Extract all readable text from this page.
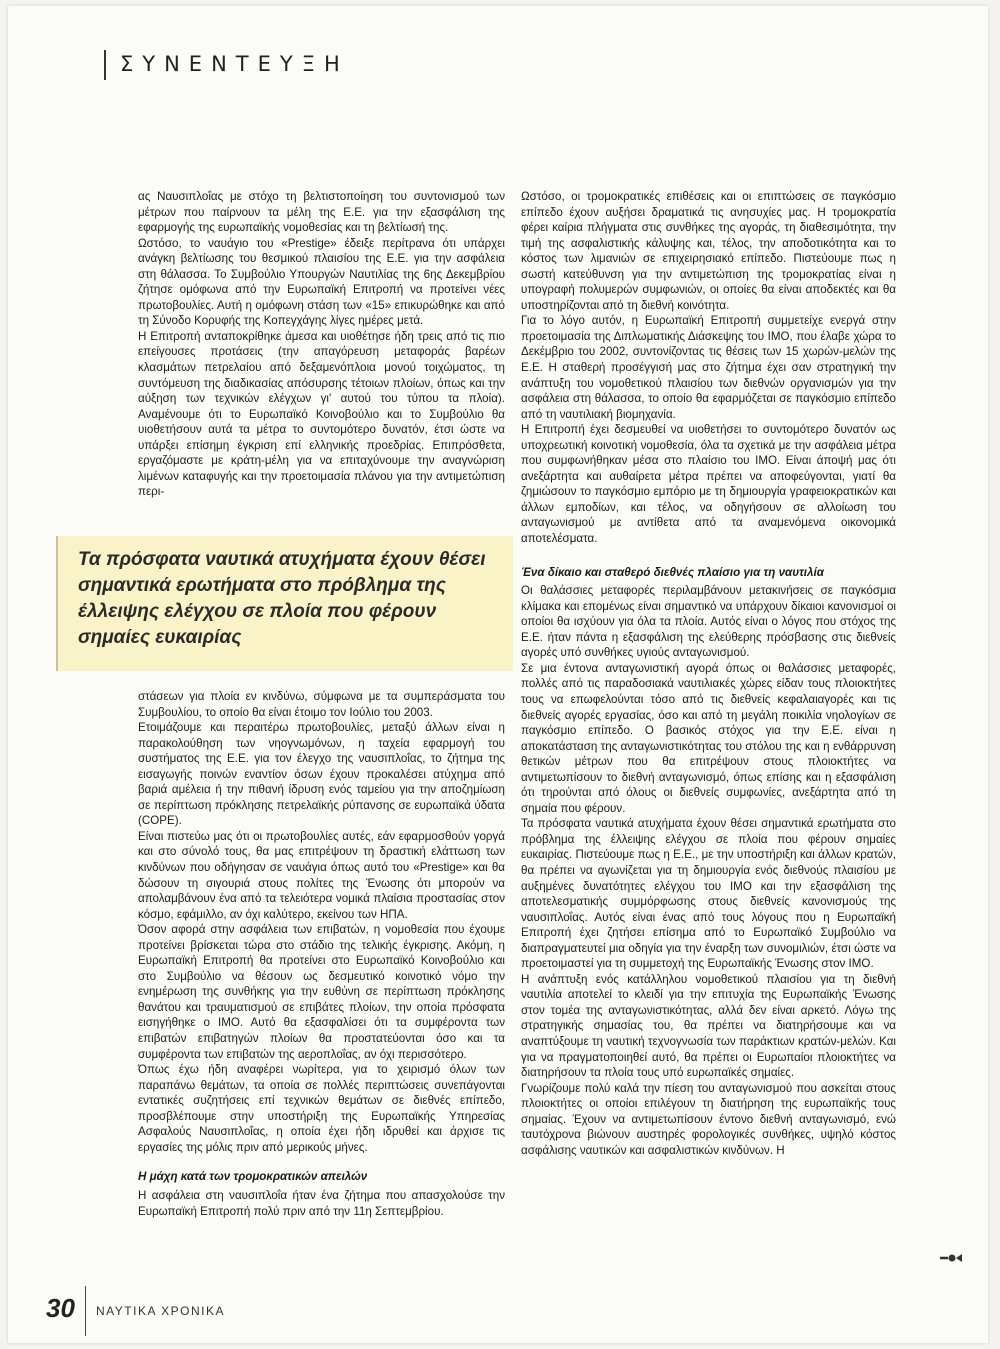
ΣΥΝΕΝΤΕΥΞΗ

ας Ναυσιπλοΐας με στόχο τη βελτιστοποίηση του συντονισμού των μέτρων που παίρνουν τα μέλη της Ε.Ε. για την εξασφάλιση της εφαρμογής της ευρωπαϊκής νομοθεσίας και τη βελτίωσή της.

Ωστόσο, το ναυάγιο του «Prestige» έδειξε περίτρανα ότι υπάρχει ανάγκη βελτίωσης του θεσμικού πλαισίου της Ε.Ε. για την ασφάλεια στη θάλασσα. Το Συμβούλιο Υπουργών Ναυτιλίας της 6ης Δεκεμβρίου ζήτησε ομόφωνα από την Ευρωπαϊκή Επιτροπή να προτείνει νέες πρωτοβουλίες. Αυτή η ομόφωνη στάση των «15» επικυρώθηκε και από τη Σύνοδο Κορυφής της Κοπεγχάγης λίγες ημέρες μετά.

Η Επιτροπή ανταποκρίθηκε άμεσα και υιοθέτησε ήδη τρεις από τις πιο επείγουσες προτάσεις (την απαγόρευση μεταφοράς βαρέων κλασμάτων πετρελαίου από δεξαμενόπλοια μονού τοιχώματος, τη συντόμευση της διαδικασίας απόσυρσης τέτοιων πλοίων, όπως και την αύξηση των τεχνικών ελέγχων γι' αυτού του τύπου τα πλοία). Αναμένουμε ότι το Ευρωπαϊκό Κοινοβούλιο και το Συμβούλιο θα υιοθετήσουν αυτά τα μέτρα το συντομότερο δυνατόν, έτσι ώστε να υπάρξει επίσημη έγκριση επί ελληνικής προεδρίας. Επιπρόσθετα, εργαζόμαστε με κράτη-μέλη για να επιταχύνουμε την αναγνώριση λιμένων καταφυγής και την προετοιμασία πλάνου για την αντιμετώπιση περι-

Τα πρόσφατα ναυτικά ατυχήματα έχουν θέσει σημαντικά ερωτήματα στο πρόβλημα της έλλειψης ελέγχου σε πλοία που φέρουν σημαίες ευκαιρίας

στάσεων για πλοία εν κινδύνω, σύμφωνα με τα συμπεράσματα του Συμβουλίου, το οποίο θα είναι έτοιμο τον Ιούλιο του 2003.

Ετοιμάζουμε και περαιτέρω πρωτοβουλίες, μεταξύ άλλων είναι η παρακολούθηση των νηογνωμόνων, η ταχεία εφαρμογή του συστήματος της Ε.Ε. για τον έλεγχο της ναυσιπλοΐας, το ζήτημα της εισαγωγής ποινών εναντίον όσων έχουν προκαλέσει ατύχημα από βαριά αμέλεια ή την πιθανή ίδρυση ενός ταμείου για την αποζημίωση σε περίπτωση πρόκλησης πετρελαϊκής ρύπανσης σε ευρωπαϊκά ύδατα (COPE).

Είναι πιστεύω μας ότι οι πρωτοβουλίες αυτές, εάν εφαρμοσθούν γοργά και στο σύνολό τους, θα μας επιτρέψουν τη δραστική ελάττωση των κινδύνων που οδήγησαν σε ναυάγια όπως αυτό του «Prestige» και θα δώσουν τη σιγουριά στους πολίτες της Ένωσης ότι μπορούν να απολαμβάνουν ένα από τα τελειότερα νομικά πλαίσια προστασίας στον κόσμο, εφάμιλλο, αν όχι καλύτερο, εκείνου των ΗΠΑ.

Όσον αφορά στην ασφάλεια των επιβατών, η νομοθεσία που έχουμε προτείνει βρίσκεται τώρα στο στάδιο της τελικής έγκρισης. Ακόμη, η Ευρωπαϊκή Επιτροπή θα προτείνει στο Ευρωπαϊκό Κοινοβούλιο και στο Συμβούλιο να θέσουν ως δεσμευτικό κοινοτικό νόμο την ενημέρωση της συνθήκης για την ευθύνη σε περίπτωση πρόκλησης θανάτου και τραυματισμού σε επιβάτες πλοίων, την οποία πρόσφατα εισηγήθηκε ο ΙΜΟ. Αυτό θα εξασφαλίσει ότι τα συμφέροντα των επιβατών επιβατηγών πλοίων θα προστατεύονται όσο και τα συμφέροντα των επιβατών της αεροπλοΐας, αν όχι περισσότερο.

Όπως έχω ήδη αναφέρει νωρίτερα, για το χειρισμό όλων των παραπάνω θεμάτων, τα οποία σε πολλές περιπτώσεις συνεπάγονται εντατικές συζητήσεις επί τεχνικών θεμάτων σε διεθνές επίπεδο, προσβλέπουμε στην υποστήριξη της Ευρωπαϊκής Υπηρεσίας Ασφαλούς Ναυσιπλοΐας, η οποία έχει ήδη ιδρυθεί και άρχισε τις εργασίες της μόλις πριν από μερικούς μήνες.

Η μάχη κατά των τρομοκρατικών απειλών

Η ασφάλεια στη ναυσιπλοΐα ήταν ένα ζήτημα που απασχολούσε την Ευρωπαϊκή Επιτροπή πολύ πριν από την 11η Σεπτεμβρίου.

Ωστόσο, οι τρομοκρατικές επιθέσεις και οι επιπτώσεις σε παγκόσμιο επίπεδο έχουν αυξήσει δραματικά τις ανησυχίες μας. Η τρομοκρατία φέρει καίρια πλήγματα στις συνθήκες της αγοράς, τη διαθεσιμότητα, την τιμή της ασφαλιστικής κάλυψης και, τέλος, την αποδοτικότητα και το κόστος των λιμανιών σε επιχειρησιακό επίπεδο. Πιστεύουμε πως η σωστή κατεύθυνση για την αντιμετώπιση της τρομοκρατίας είναι η υπογραφή πολυμερών συμφωνιών, οι οποίες θα είναι αποδεκτές και θα υποστηρίζονται από τη διεθνή κοινότητα.

Για το λόγο αυτόν, η Ευρωπαϊκή Επιτροπή συμμετείχε ενεργά στην προετοιμασία της Διπλωματικής Διάσκεψης του ΙΜΟ, που έλαβε χώρα το Δεκέμβριο του 2002, συντονίζοντας τις θέσεις των 15 χωρών-μελών της Ε.Ε. Η σταθερή προσέγγισή μας στο ζήτημα έχει σαν στρατηγική την ανάπτυξη του νομοθετικού πλαισίου των διεθνών οργανισμών για την ασφάλεια στη θάλασσα, το οποίο θα εφαρμόζεται σε παγκόσμιο επίπεδο από τη ναυτιλιακή βιομηχανία.

Η Επιτροπή έχει δεσμευθεί να υιοθετήσει το συντομότερο δυνατόν ως υποχρεωτική κοινοτική νομοθεσία, όλα τα σχετικά με την ασφάλεια μέτρα που συμφωνήθηκαν μέσα στο πλαίσιο του ΙΜΟ. Είναι άποψή μας ότι ανεξάρτητα και αυθαίρετα μέτρα πρέπει να αποφεύγονται, γιατί θα ζημιώσουν το παγκόσμιο εμπόριο με τη δημιουργία γραφειοκρατικών και άλλων εμποδίων, και τέλος, να οδηγήσουν σε αλλοίωση του ανταγωνισμού με αντίθετα από τα αναμενόμενα οικονομικά αποτελέσματα.

Ένα δίκαιο και σταθερό διεθνές πλαίσιο για τη ναυτιλία

Οι θαλάσσιες μεταφορές περιλαμβάνουν μετακινήσεις σε παγκόσμια κλίμακα και επομένως είναι σημαντικό να υπάρχουν δίκαιοι κανονισμοί οι οποίοι θα ισχύουν για όλα τα πλοία. Αυτός είναι ο λόγος που στόχος της Ε.Ε. ήταν πάντα η εξασφάλιση της ελεύθερης πρόσβασης στις διεθνείς αγορές υπό συνθήκες υγιούς ανταγωνισμού.

Σε μια έντονα ανταγωνιστική αγορά όπως οι θαλάσσιες μεταφορές, πολλές από τις παραδοσιακά ναυτιλιακές χώρες είδαν τους πλοιοκτήτες τους να επωφελούνται τόσο από τις διεθνείς κεφαλαιαγορές και τις διεθνείς αγορές εργασίας, όσο και από τη μεγάλη ποικιλία νηολογίων σε παγκόσμιο επίπεδο. Ο βασικός στόχος για την Ε.Ε. είναι η αποκατάσταση της ανταγωνιστικότητας του στόλου της και η ενθάρρυνση θετικών μέτρων που θα επιτρέψουν στους πλοιοκτήτες να αντιμετωπίσουν το διεθνή ανταγωνισμό, όπως επίσης και η εξασφάλιση ότι τηρούνται από όλους οι διεθνείς συμφωνίες, ανεξάρτητα από τη σημαία που φέρουν.

Τα πρόσφατα ναυτικά ατυχήματα έχουν θέσει σημαντικά ερωτήματα στο πρόβλημα της έλλειψης ελέγχου σε πλοία που φέρουν σημαίες ευκαιρίας. Πιστεύουμε πως η Ε.Ε., με την υποστήριξη και άλλων κρατών, θα πρέπει να αγωνίζεται για τη δημιουργία ενός διεθνούς πλαισίου με αυξημένες δυνατότητες ελέγχου του ΙΜΟ και την εξασφάλιση της αποτελεσματικής συμμόρφωσης στους διεθνείς κανονισμούς της ναυσιπλοΐας. Αυτός είναι ένας από τους λόγους που η Ευρωπαϊκή Επιτροπή έχει ζητήσει επίσημα από το Ευρωπαϊκό Συμβούλιο να διαπραγματευτεί μια οδηγία για την έναρξη των συνομιλιών, έτσι ώστε να προετοιμαστεί για τη συμμετοχή της Ευρωπαϊκής Ένωσης στον ΙΜΟ.

Η ανάπτυξη ενός κατάλληλου νομοθετικού πλαισίου για τη διεθνή ναυτιλία αποτελεί το κλειδί για την επιτυχία της Ευρωπαϊκής Ένωσης στον τομέα της ανταγωνιστικότητας, αλλά δεν είναι αρκετό. Λόγω της στρατηγικής σημασίας του, θα πρέπει να διατηρήσουμε και να αναπτύξουμε τη ναυτική τεχνογνωσία των παράκτιων κρατών-μελών. Και για να πραγματοποιηθεί αυτό, θα πρέπει οι Ευρωπαίοι πλοιοκτήτες να διατηρήσουν τα πλοία τους υπό ευρωπαϊκές σημαίες.

Γνωρίζουμε πολύ καλά την πίεση του ανταγωνισμού που ασκείται στους πλοιοκτήτες οι οποίοι επιλέγουν τη διατήρηση της ευρωπαϊκής τους σημαίας. Έχουν να αντιμετωπίσουν έντονο διεθνή ανταγωνισμό, ενώ ταυτόχρονα βιώνουν αυστηρές φορολογικές συνθήκες, υψηλό κόστος ασφάλισης ναυτικών και ασφαλιστικών κινδύνων. Η

30 ΝΑΥΤΙΚΑ ΧΡΟΝΙΚΑ
